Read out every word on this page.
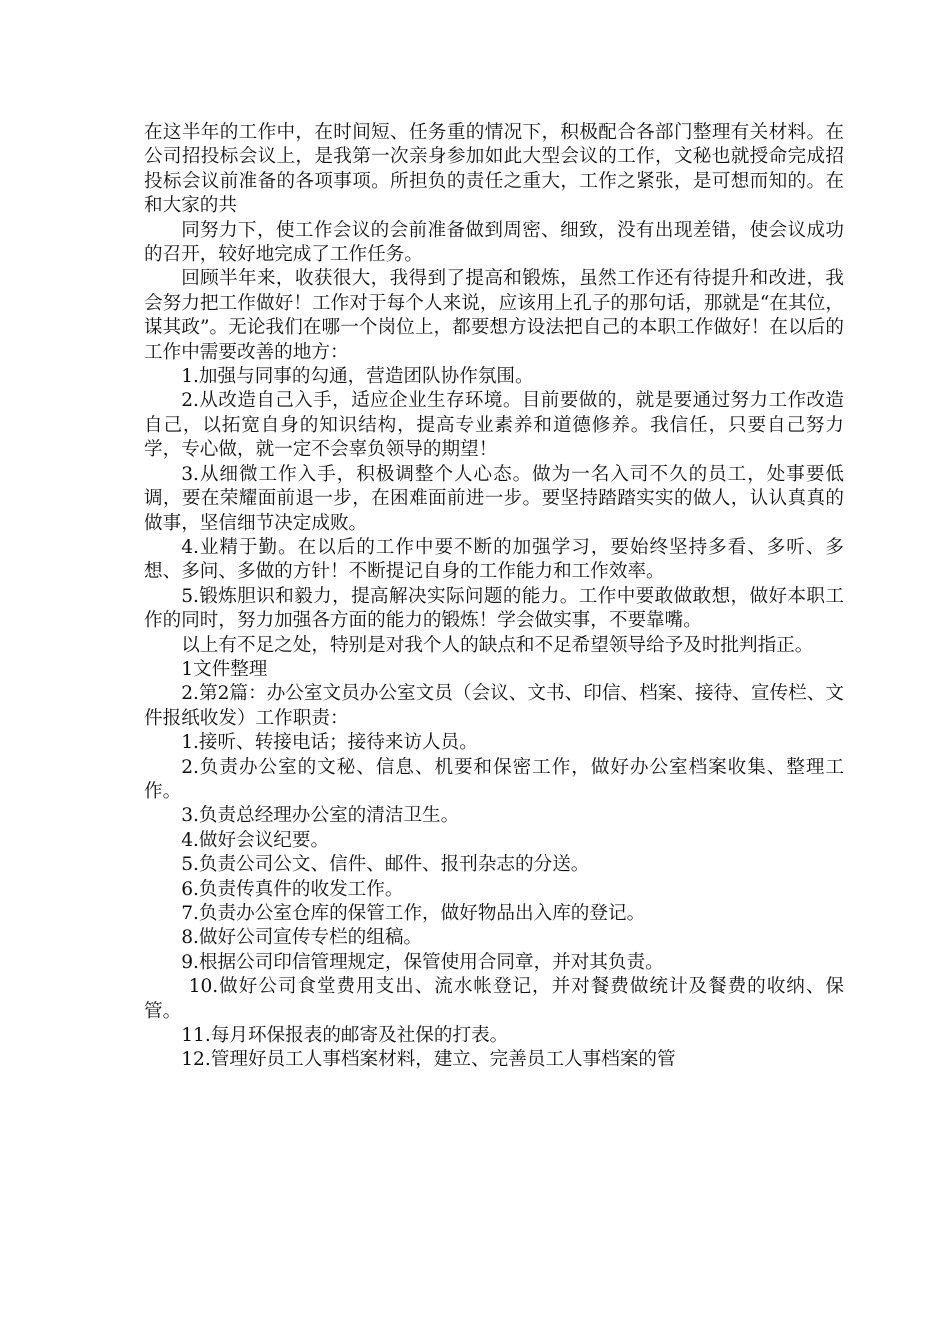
在这半年的工作中，在时间短、任务重的情况下，积极配合各部门整理有关材料。在公司招投标会议上，是我第一次亲身参加如此大型会议的工作，文秘也就授命完成招投标会议前准备的各项事项。所担负的责任之重大，工作之紧张，是可想而知的。在和大家的共

同努力下，使工作会议的会前准备做到周密、细致，没有出现差错，使会议成功的召开，较好地完成了工作任务。

回顾半年来，收获很大，我得到了提高和锻炼，虽然工作还有待提升和改进，我会努力把工作做好！工作对于每个人来说，应该用上孔子的那句话，那就是“在其位，谋其政”。无论我们在哪一个岗位上，都要想方设法把自己的本职工作做好！在以后的工作中需要改善的地方：

1.加强与同事的勾通，营造团队协作氛围。

2.从改造自己入手，适应企业生存环境。目前要做的，就是要通过努力工作改造自己，以拓宽自身的知识结构，提高专业素养和道德修养。我信任，只要自己努力学，专心做，就一定不会辜负领导的期望！

3.从细微工作入手，积极调整个人心态。做为一名入司不久的员工，处事要低调，要在荣耀面前退一步，在困难面前进一步。要坚持踏踏实实的做人，认认真真的做事，坚信细节决定成败。

4.业精于勤。在以后的工作中要不断的加强学习，要始终坚持多看、多听、多想、多问、多做的方针！不断提记自身的工作能力和工作效率。

5.锻炼胆识和毅力，提高解决实际问题的能力。工作中要敢做敢想，做好本职工作的同时，努力加强各方面的能力的锻炼！学会做实事，不要靠嘴。

以上有不足之处，特别是对我个人的缺点和不足希望领导给予及时批判指正。

1文件整理

2.第2篇：办公室文员办公室文员（会议、文书、印信、档案、接待、宣传栏、文件报纸收发）工作职责：

1.接听、转接电话；接待来访人员。

2.负责办公室的文秘、信息、机要和保密工作，做好办公室档案收集、整理工作。

3.负责总经理办公室的清洁卫生。

4.做好会议纪要。

5.负责公司公文、信件、邮件、报刊杂志的分送。

6.负责传真件的收发工作。

7.负责办公室仓库的保管工作，做好物品出入库的登记。

8.做好公司宣传专栏的组稿。

9.根据公司印信管理规定，保管使用合同章，并对其负责。

10.做好公司食堂费用支出、流水帐登记，并对餐费做统计及餐费的收纳、保管。

11.每月环保报表的邮寄及社保的打表。

12.管理好员工人事档案材料，建立、完善员工人事档案的管
